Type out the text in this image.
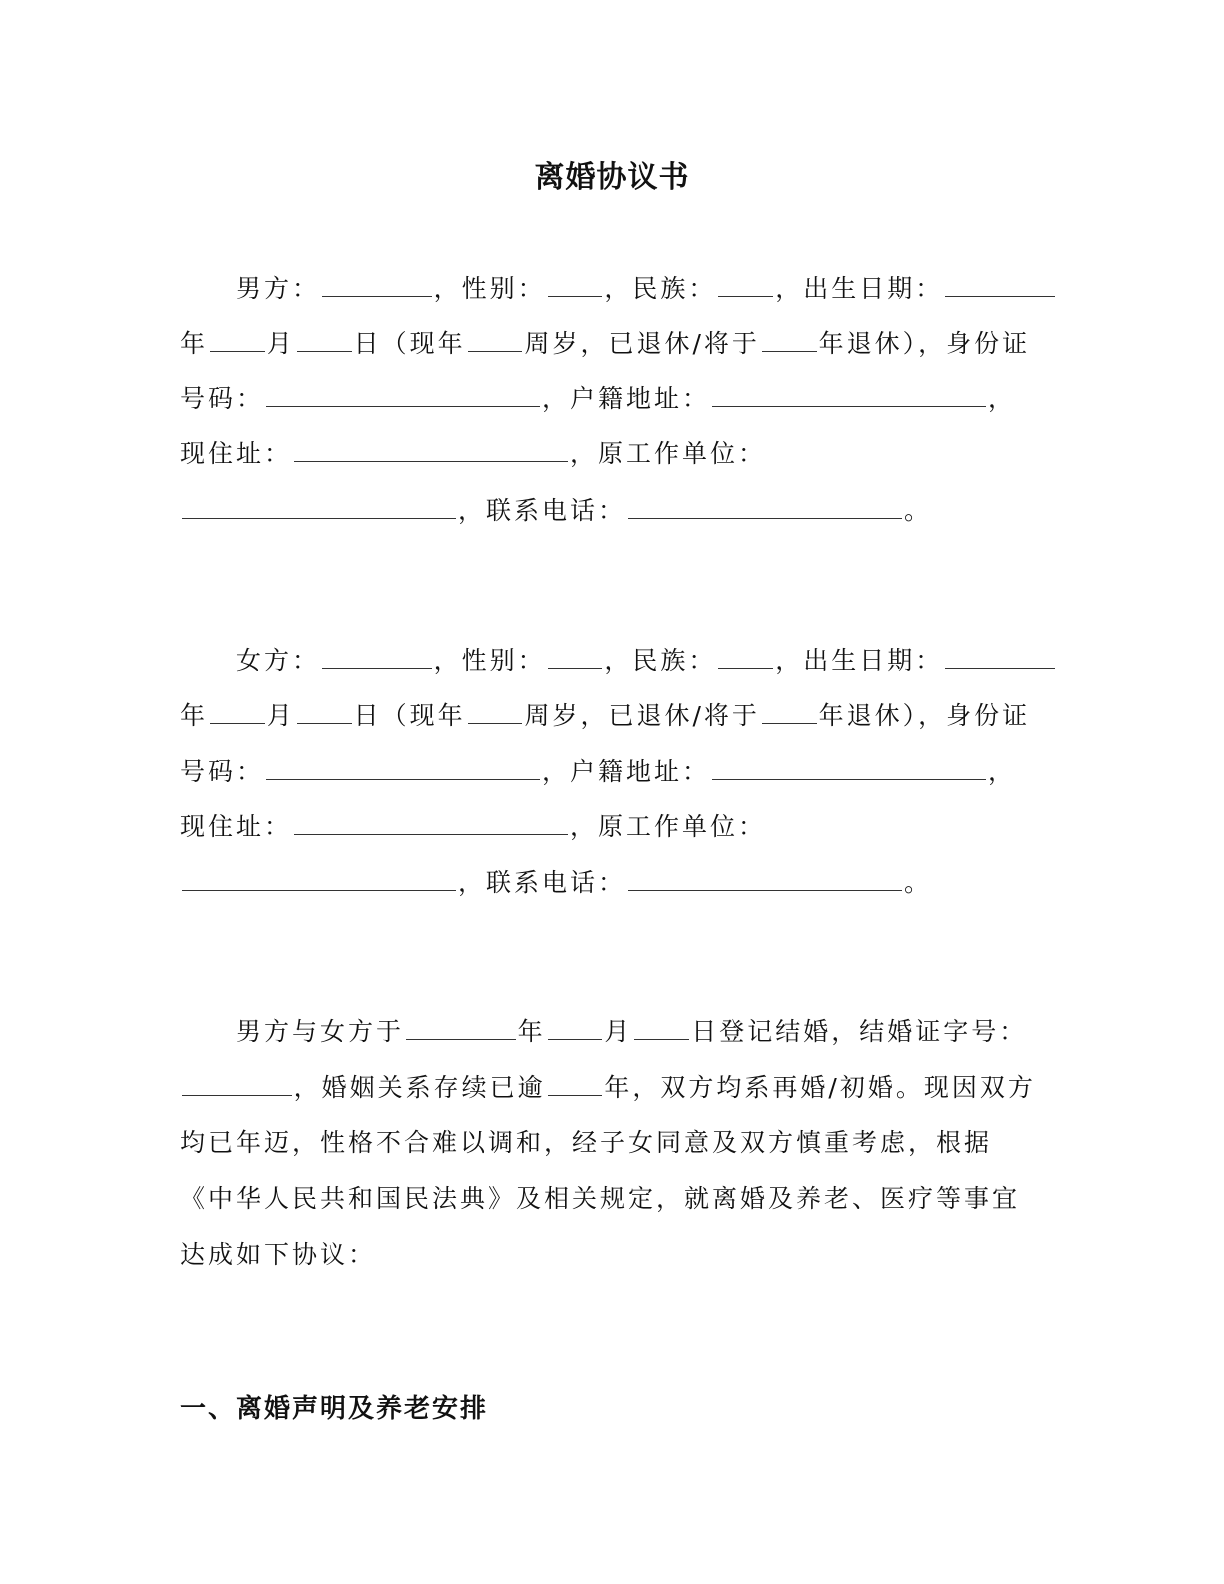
离婚协议书
　　男方：	，性别： ，民族： ，出生日期：
年 月 日（现年 周岁，已退休/将于 年退休），身份证
号码：	，户籍地址：	，
现住址：	，原工作单位：
，联系电话：	。
　　女方：	，性别： ，民族： ，出生日期：
年 月 日（现年 周岁，已退休/将于 年退休），身份证
号码：	，户籍地址：	，
现住址：	，原工作单位：
，联系电话：	。
　　男方与女方于	年 月 日登记结婚，结婚证字号：
，婚姻关系存续已逾 年，双方均系再婚/初婚。现因双方
均已年迈，性格不合难以调和，经子女同意及双方慎重考虑，根据
《中华人民共和国民法典》及相关规定，就离婚及养老、医疗等事宜
达成如下协议：
一、离婚声明及养老安排
